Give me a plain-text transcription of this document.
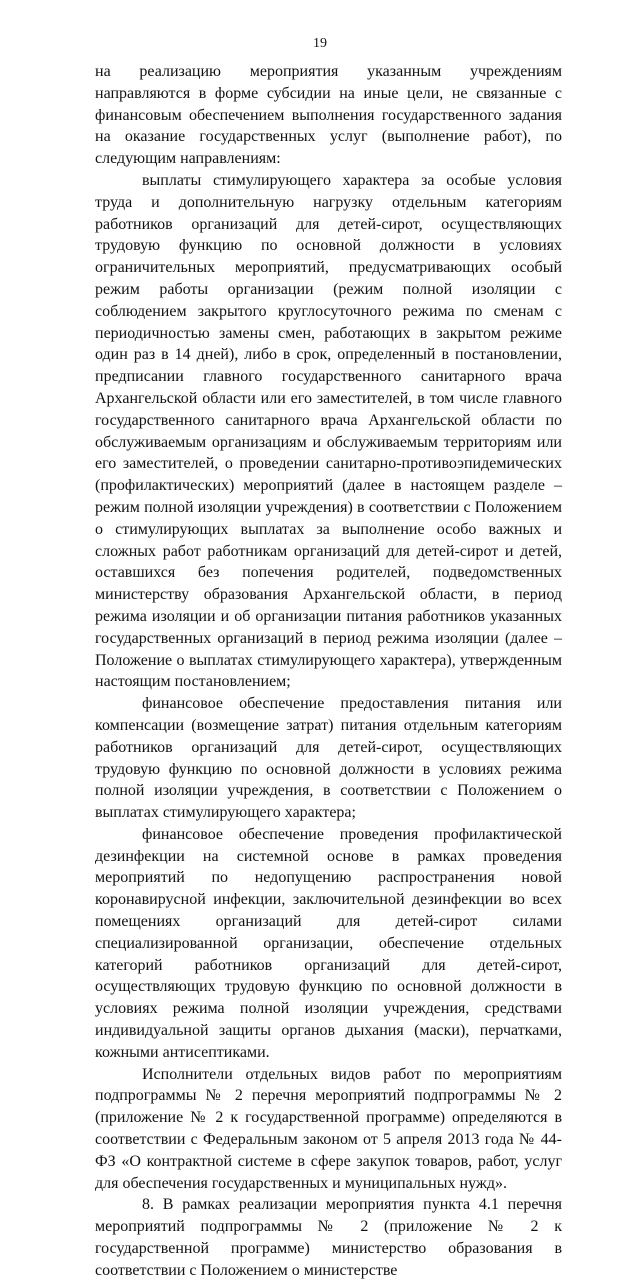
19

на реализацию мероприятия указанным учреждениям направляются в форме субсидии на иные цели, не связанные с финансовым обеспечением выполнения государственного задания на оказание государственных услуг (выполнение работ), по следующим направлениям:

выплаты стимулирующего характера за особые условия труда и дополнительную нагрузку отдельным категориям работников организаций для детей-сирот, осуществляющих трудовую функцию по основной должности в условиях ограничительных мероприятий, предусматривающих особый режим работы организации (режим полной изоляции с соблюдением закрытого круглосуточного режима по сменам с периодичностью замены смен, работающих в закрытом режиме один раз в 14 дней), либо в срок, определенный в постановлении, предписании главного государственного санитарного врача Архангельской области или его заместителей, в том числе главного государственного санитарного врача Архангельской области по обслуживаемым организациям и обслуживаемым территориям или его заместителей, о проведении санитарно-противоэпидемических (профилактических) мероприятий (далее в настоящем разделе – режим полной изоляции учреждения) в соответствии с Положением о стимулирующих выплатах за выполнение особо важных и сложных работ работникам организаций для детей-сирот и детей, оставшихся без попечения родителей, подведомственных министерству образования Архангельской области, в период режима изоляции и об организации питания работников указанных государственных организаций в период режима изоляции (далее – Положение о выплатах стимулирующего характера), утвержденным настоящим постановлением;

финансовое обеспечение предоставления питания или компенсации (возмещение затрат) питания отдельным категориям работников организаций для детей-сирот, осуществляющих трудовую функцию по основной должности в условиях режима полной изоляции учреждения, в соответствии с Положением о выплатах стимулирующего характера;

финансовое обеспечение проведения профилактической дезинфекции на системной основе в рамках проведения мероприятий по недопущению распространения новой коронавирусной инфекции, заключительной дезинфекции во всех помещениях организаций для детей-сирот силами специализированной организации, обеспечение отдельных категорий работников организаций для детей-сирот, осуществляющих трудовую функцию по основной должности в условиях режима полной изоляции учреждения, средствами индивидуальной защиты органов дыхания (маски), перчатками, кожными антисептиками.

Исполнители отдельных видов работ по мероприятиям подпрограммы № 2 перечня мероприятий подпрограммы № 2 (приложение № 2 к государственной программе) определяются в соответствии с Федеральным законом от 5 апреля 2013 года № 44-ФЗ «О контрактной системе в сфере закупок товаров, работ, услуг для обеспечения государственных и муниципальных нужд».

8. В рамках реализации мероприятия пункта 4.1 перечня мероприятий подпрограммы № 2 (приложение № 2 к государственной программе) министерство образования в соответствии с Положением о министерстве
